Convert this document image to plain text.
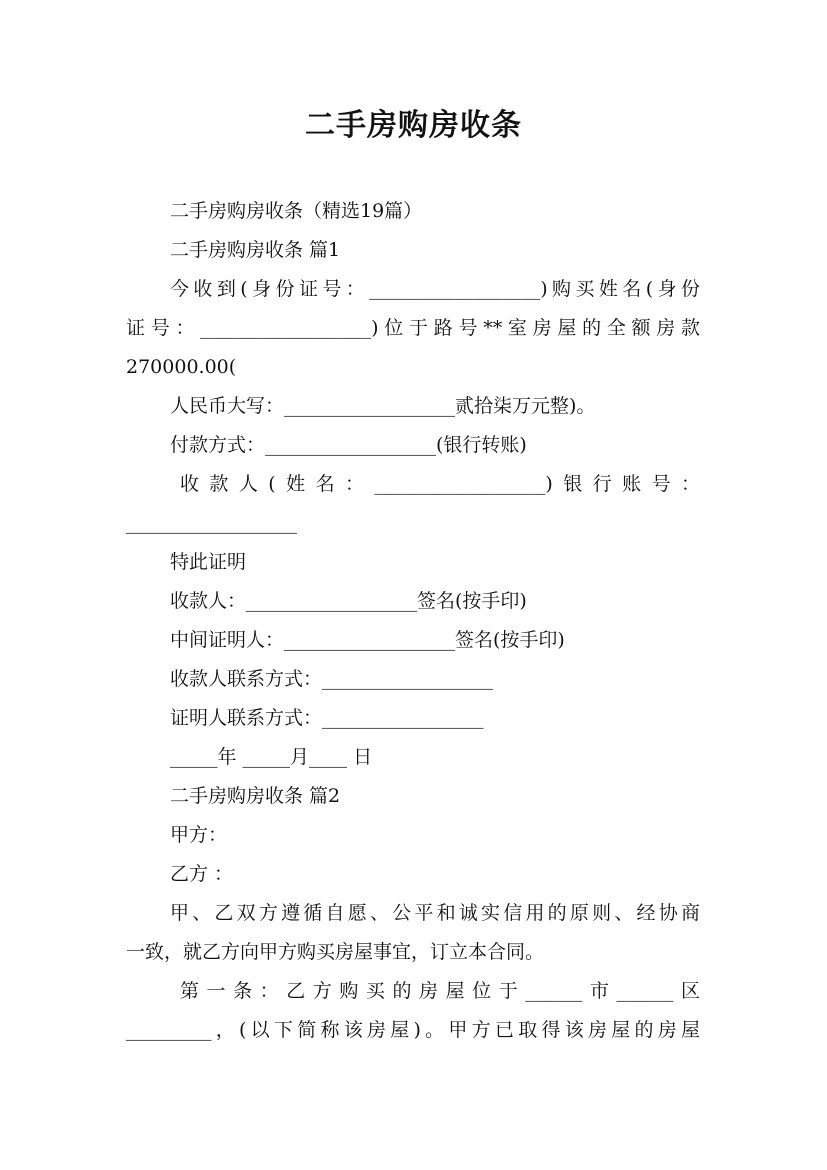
二手房购房收条
二手房购房收条（精选19篇）
二手房购房收条 篇1
今收到(身份证号：__________________)购买姓名(身份
证号：__________________)位于路号**室房屋的全额房款
270000.00(
人民币大写：__________________贰拾柒万元整)。
付款方式：__________________(银行转账)
收款人(姓名：__________________)银行账号：
__________________
特此证明
收款人：__________________签名(按手印)
中间证明人：__________________签名(按手印)
收款人联系方式：__________________
证明人联系方式：_________________
_____年 _____月____ 日
二手房购房收条 篇2
甲方：
乙方 ：
甲、乙双方遵循自愿、公平和诚实信用的原则、经协商
一致，就乙方向甲方购买房屋事宜，订立本合同。
第一条：乙方购买的房屋位于______市______区
_________，(以下简称该房屋)。甲方已取得该房屋的房屋
